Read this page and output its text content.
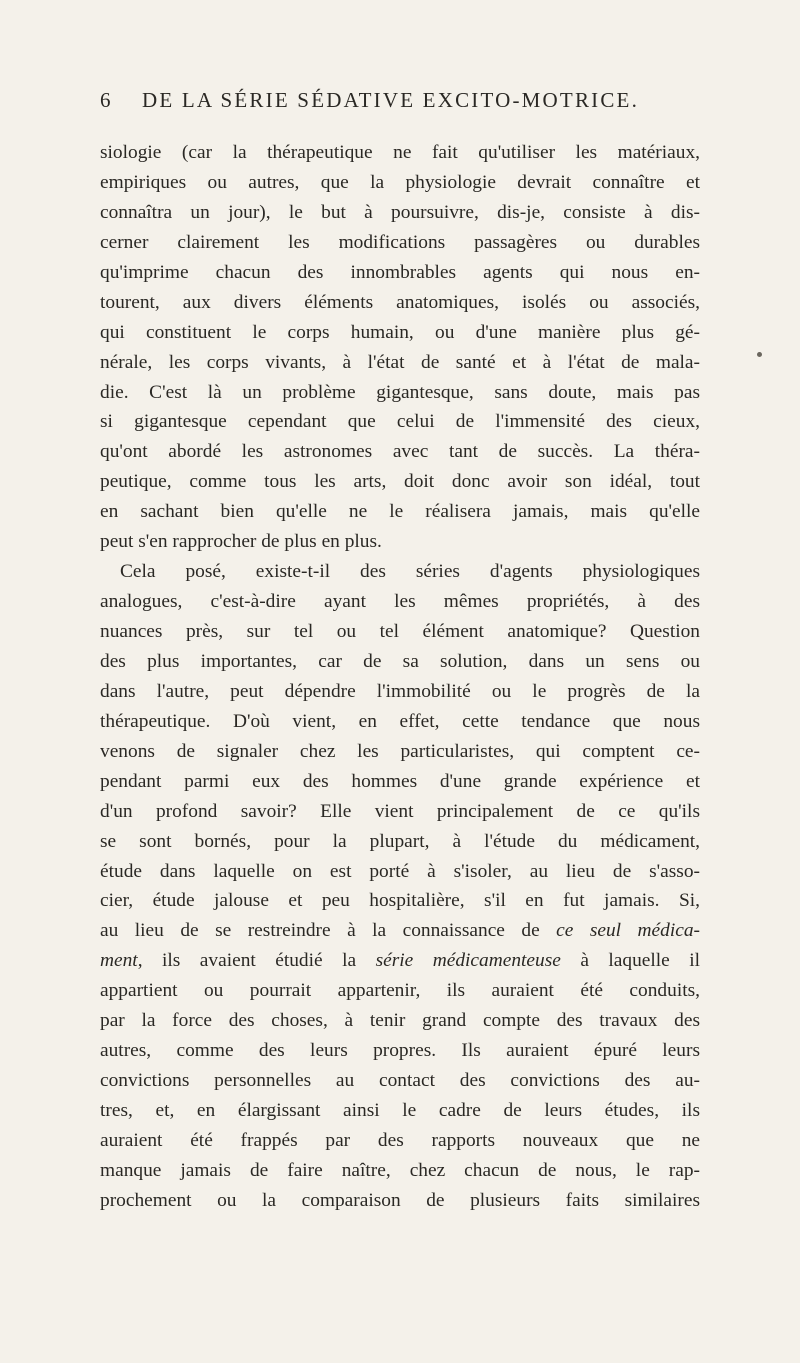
6 DE LA SÉRIE SÉDATIVE EXCITO-MOTRICE.
siologie (car la thérapeutique ne fait qu'utiliser les matériaux,
empiriques ou autres, que la physiologie devrait connaître et
connaîtra un jour), le but à poursuivre, dis-je, consiste à dis-
cerner clairement les modifications passagères ou durables
qu'imprime chacun des innombrables agents qui nous en-
tourent, aux divers éléments anatomiques, isolés ou associés,
qui constituent le corps humain, ou d'une manière plus gé-
nérale, les corps vivants, à l'état de santé et à l'état de mala-
die. C'est là un problème gigantesque, sans doute, mais pas
si gigantesque cependant que celui de l'immensité des cieux,
qu'ont abordé les astronomes avec tant de succès. La théra-
peutique, comme tous les arts, doit donc avoir son idéal, tout
en sachant bien qu'elle ne le réalisera jamais, mais qu'elle
peut s'en rapprocher de plus en plus.
Cela posé, existe-t-il des séries d'agents physiologiques
analogues, c'est-à-dire ayant les mêmes propriétés, à des
nuances près, sur tel ou tel élément anatomique? Question
des plus importantes, car de sa solution, dans un sens ou
dans l'autre, peut dépendre l'immobilité ou le progrès de la
thérapeutique. D'où vient, en effet, cette tendance que nous
venons de signaler chez les particularistes, qui comptent ce-
pendant parmi eux des hommes d'une grande expérience et
d'un profond savoir? Elle vient principalement de ce qu'ils
se sont bornés, pour la plupart, à l'étude du médicament,
étude dans laquelle on est porté à s'isoler, au lieu de s'asso-
cier, étude jalouse et peu hospitalière, s'il en fut jamais. Si,
au lieu de se restreindre à la connaissance de ce seul médica-
ment, ils avaient étudié la série médicamenteuse à laquelle il
appartient ou pourrait appartenir, ils auraient été conduits,
par la force des choses, à tenir grand compte des travaux des
autres, comme des leurs propres. Ils auraient épuré leurs
convictions personnelles au contact des convictions des au-
tres, et, en élargissant ainsi le cadre de leurs études, ils
auraient été frappés par des rapports nouveaux que ne
manque jamais de faire naître, chez chacun de nous, le rap-
prochement ou la comparaison de plusieurs faits similaires
